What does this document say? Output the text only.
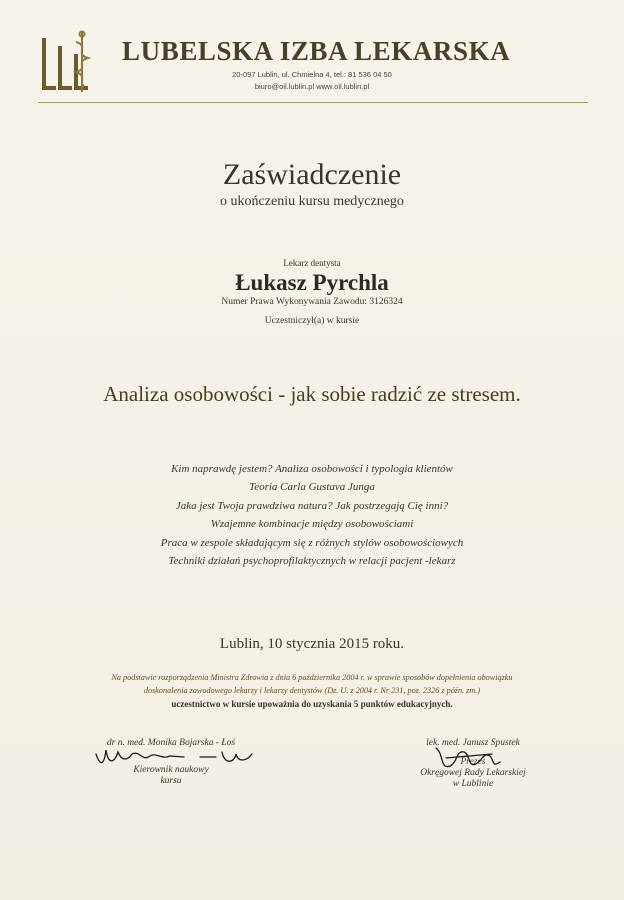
LUBELSKA IZBA LEKARSKA
20-097 Lublin, ul. Chmielna 4, tel.: 81 536 04 50
biuro@oil.lublin.pl www.oil.lublin.pl
Zaświadczenie
o ukończeniu kursu medycznego
Lekarz dentysta
Łukasz Pyrchla
Numer Prawa Wykonywania Zawodu: 3126324
Uczestniczył(a) w kursie
Analiza osobowości - jak sobie radzić ze stresem.
Kim naprawdę jestem? Analiza osobowości i typologia klientów
Teoria Carla Gustava Junga
Jaka jest Twoja prawdziwa natura? Jak postrzegają Cię inni?
Wzajemne kombinacje między osobowościami
Praca w zespole składającym się z różnych stylów osobowościowych
Techniki działań psychoprofilaktycznych w relacji pacjent -lekarz
Lublin, 10 stycznia 2015 roku.
Na podstawie rozporządzenia Ministra Zdrowia z dnia 6 października 2004 r. w sprawie sposobów dopełnienia obowiązku
doskonalenia zawodowego lekarzy i lekarzy dentystów (Dz. U. z 2004 r. Nr 231, poz. 2326 z późn. zm.)
uczestnictwo w kursie upoważnia do uzyskania 5 punktów edukacyjnych.
dr n. med. Monika Bojarska - Łoś
Kierownik naukowy
kursu
lek. med. Janusz Spustek
Prezes
Okręgowej Rady Lekarskiej
w Lublinie
